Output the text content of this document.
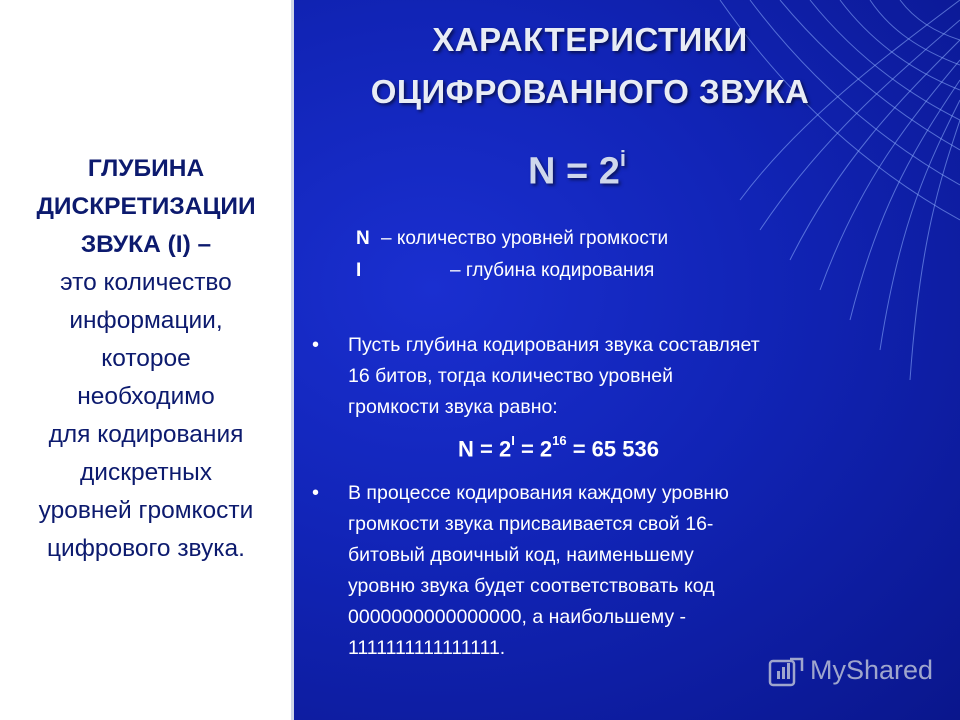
ГЛУБИНА
ДИСКРЕТИЗАЦИИ
ЗВУКА (I) –
это количество
информации,
которое
необходимо
для кодирования
дискретных
уровней громкости
цифрового звука.
ХАРАКТЕРИСТИКИ
ОЦИФРОВАННОГО ЗВУКА
$N = 2^i$
N – количество уровней громкости
I	– глубина кодирования
• Пусть глубина кодирования звука составляет
16 битов, тогда количество уровней
громкости звука равно:
$N = 2^I = 2^{16} = 65$ 536
• В процессе кодирования каждому уровню
громкости звука присваивается свой 16-
битовый двоичный код, наименьшему
уровню звука будет соответствовать код
0000000000000000, а наибольшему -
1111111111111111.
MyShared
